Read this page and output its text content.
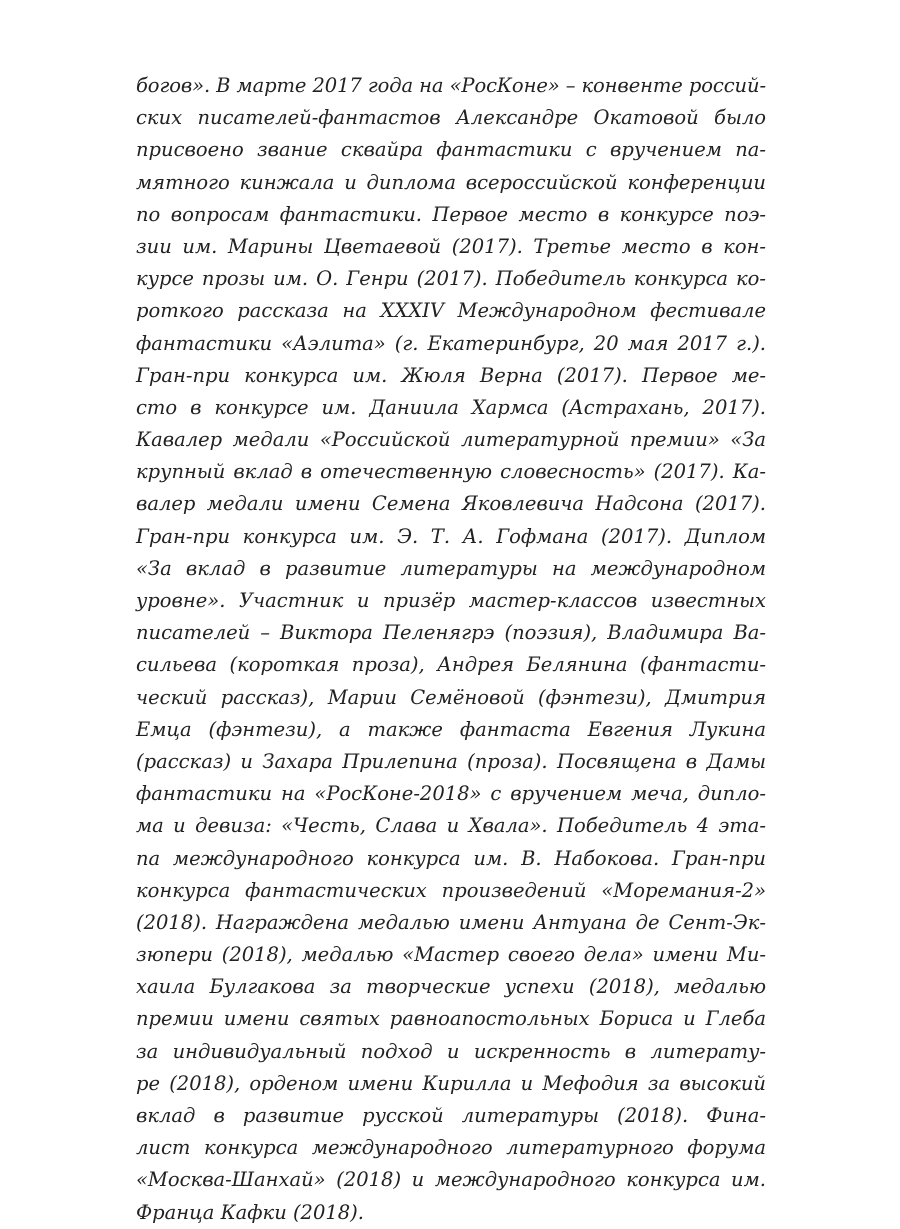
богов». В марте 2017 года на «РосКоне» – конвенте россий-
ских писателей-фантастов Александре Окатовой было
присвоено звание сквайра фантастики с вручением па-
мятного кинжала и диплома всероссийской конференции
по вопросам фантастики. Первое место в конкурсе поэ-
зии им. Марины Цветаевой (2017). Третье место в кон-
курсе прозы им. О. Генри (2017). Победитель конкурса ко-
роткого рассказа на XXXIV Международном фестивале
фантастики «Аэлита» (г. Екатеринбург, 20 мая 2017 г.).
Гран-при конкурса им. Жюля Верна (2017). Первое ме-
сто в конкурсе им. Даниила Хармса (Астрахань, 2017).
Кавалер медали «Российской литературной премии» «За
крупный вклад в отечественную словесность» (2017). Ка-
валер медали имени Семена Яковлевича Надсона (2017).
Гран-при конкурса им. Э. Т. А. Гофмана (2017). Диплом
«За вклад в развитие литературы на международном
уровне». Участник и призёр мастер-классов известных
писателей – Виктора Пеленягрэ (поэзия), Владимира Ва-
сильева (короткая проза), Андрея Белянина (фантасти-
ческий рассказ), Марии Семёновой (фэнтези), Дмитрия
Емца (фэнтези), а также фантаста Евгения Лукина
(рассказ) и Захара Прилепина (проза). Посвящена в Дамы
фантастики на «РосКоне-2018» с вручением меча, дипло-
ма и девиза: «Честь, Слава и Хвала». Победитель 4 эта-
па международного конкурса им. В. Набокова. Гран-при
конкурса фантастических произведений «Моремания-2»
(2018). Награждена медалью имени Антуана де Сент-Эк-
зюпери (2018), медалью «Мастер своего дела» имени Ми-
хаила Булгакова за творческие успехи (2018), медалью
премии имени святых равноапостольных Бориса и Глеба
за индивидуальный подход и искренность в литерату-
ре (2018), орденом имени Кирилла и Мефодия за высокий
вклад в развитие русской литературы (2018). Фина-
лист конкурса международного литературного форума
«Москва-Шанхай» (2018) и международного конкурса им.
Франца Кафки (2018).
